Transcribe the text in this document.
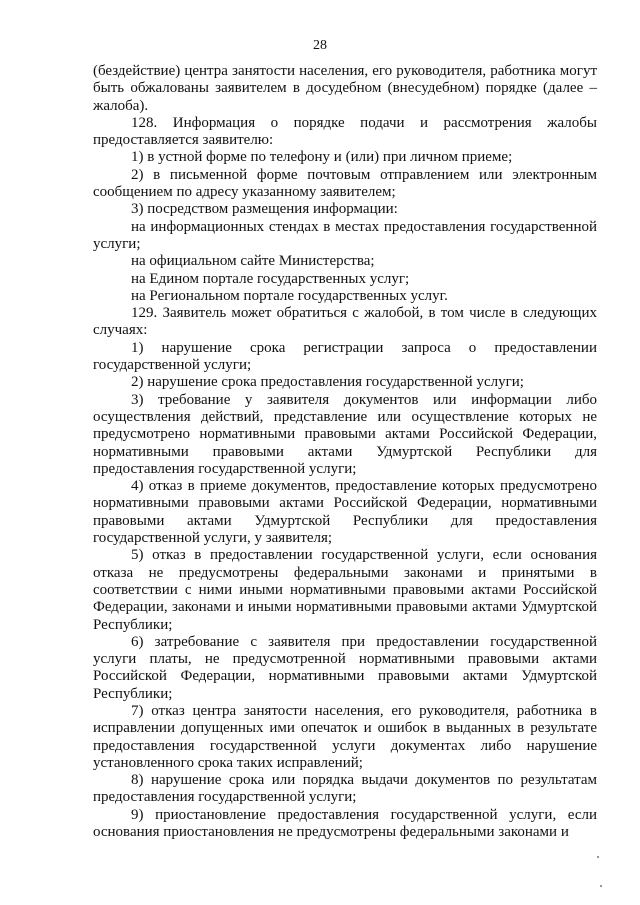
28

(бездействие) центра занятости населения, его руководителя, работника могут быть обжалованы заявителем в досудебном (внесудебном) порядке (далее – жалоба).

128. Информация о порядке подачи и рассмотрения жалобы предоставляется заявителю:

1) в устной форме по телефону и (или) при личном приеме;

2) в письменной форме почтовым отправлением или электронным сообщением по адресу указанному заявителем;

3) посредством размещения информации:

на информационных стендах в местах предоставления государственной услуги;

на официальном сайте Министерства;

на Едином портале государственных услуг;

на Региональном портале государственных услуг.

129. Заявитель может обратиться с жалобой, в том числе в следующих случаях:

1) нарушение срока регистрации запроса о предоставлении государственной услуги;

2) нарушение срока предоставления государственной услуги;

3) требование у заявителя документов или информации либо осуществления действий, представление или осуществление которых не предусмотрено нормативными правовыми актами Российской Федерации, нормативными правовыми актами Удмуртской Республики для предоставления государственной услуги;

4) отказ в приеме документов, предоставление которых предусмотрено нормативными правовыми актами Российской Федерации, нормативными правовыми актами Удмуртской Республики для предоставления государственной услуги, у заявителя;

5) отказ в предоставлении государственной услуги, если основания отказа не предусмотрены федеральными законами и принятыми в соответствии с ними иными нормативными правовыми актами Российской Федерации, законами и иными нормативными правовыми актами Удмуртской Республики;

6) затребование с заявителя при предоставлении государственной услуги платы, не предусмотренной нормативными правовыми актами Российской Федерации, нормативными правовыми актами Удмуртской Республики;

7) отказ центра занятости населения, его руководителя, работника в исправлении допущенных ими опечаток и ошибок в выданных в результате предоставления государственной услуги документах либо нарушение установленного срока таких исправлений;

8) нарушение срока или порядка выдачи документов по результатам предоставления государственной услуги;

9) приостановление предоставления государственной услуги, если основания приостановления не предусмотрены федеральными законами и
